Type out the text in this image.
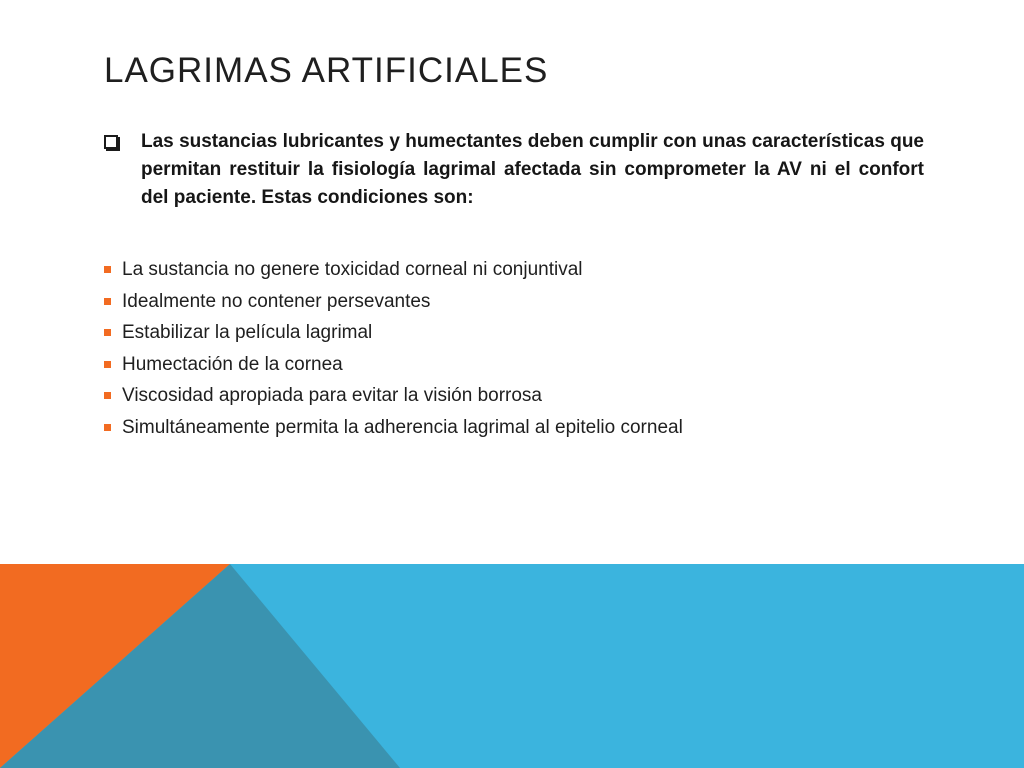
LAGRIMAS ARTIFICIALES

Las sustancias lubricantes y humectantes deben cumplir con unas características que permitan restituir la fisiología lagrimal afectada sin comprometer la AV ni el confort del paciente. Estas condiciones son:

La sustancia no genere toxicidad corneal ni conjuntival
Idealmente no contener persevantes
Estabilizar la película lagrimal
Humectación de la cornea
Viscosidad apropiada para evitar la visión borrosa
Simultáneamente permita la adherencia lagrimal al epitelio corneal
